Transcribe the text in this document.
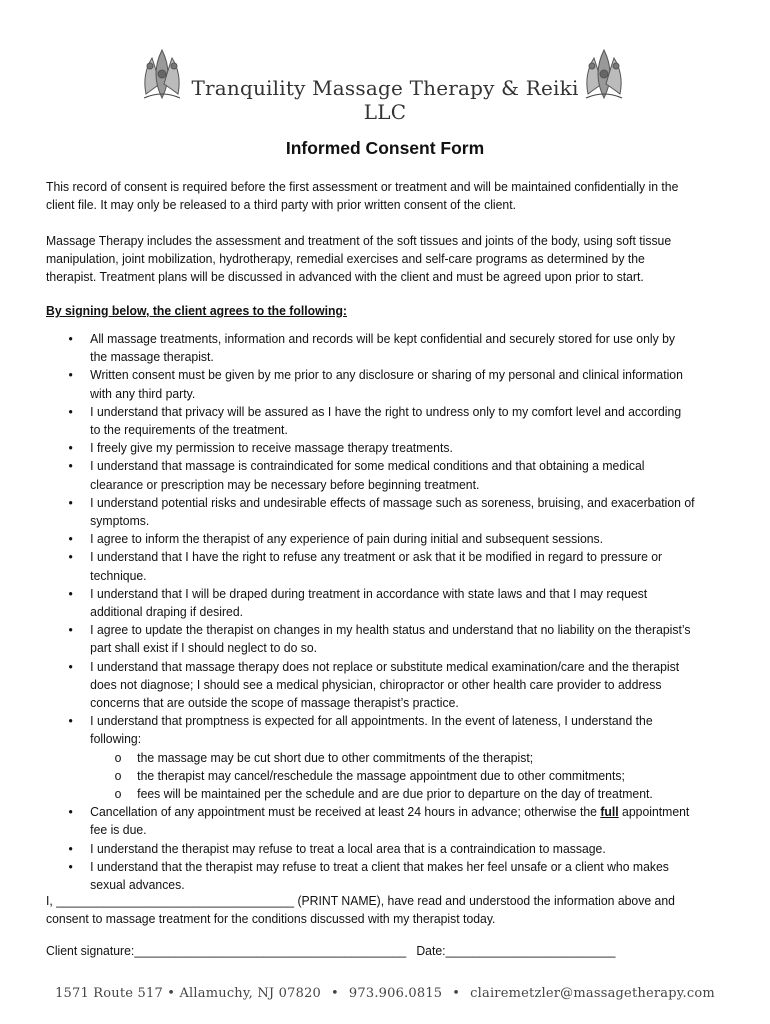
Tranquility Massage Therapy & Reiki LLC
Informed Consent Form
This record of consent is required before the first assessment or treatment and will be maintained confidentially in the client file. It may only be released to a third party with prior written consent of the client.
Massage Therapy includes the assessment and treatment of the soft tissues and joints of the body, using soft tissue manipulation, joint mobilization, hydrotherapy, remedial exercises and self-care programs as determined by the therapist. Treatment plans will be discussed in advanced with the client and must be agreed upon prior to start.
By signing below, the client agrees to the following:
• All massage treatments, information and records will be kept confidential and securely stored for use only by the massage therapist.
• Written consent must be given by me prior to any disclosure or sharing of my personal and clinical information with any third party.
• I understand that privacy will be assured as I have the right to undress only to my comfort level and according to the requirements of the treatment.
• I freely give my permission to receive massage therapy treatments.
• I understand that massage is contraindicated for some medical conditions and that obtaining a medical clearance or prescription may be necessary before beginning treatment.
• I understand potential risks and undesirable effects of massage such as soreness, bruising, and exacerbation of symptoms.
• I agree to inform the therapist of any experience of pain during initial and subsequent sessions.
• I understand that I have the right to refuse any treatment or ask that it be modified in regard to pressure or technique.
• I understand that I will be draped during treatment in accordance with state laws and that I may request additional draping if desired.
• I agree to update the therapist on changes in my health status and understand that no liability on the therapist’s part shall exist if I should neglect to do so.
• I understand that massage therapy does not replace or substitute medical examination/care and the therapist does not diagnose; I should see a medical physician, chiropractor or other health care provider to address concerns that are outside the scope of massage therapist’s practice.
• I understand that promptness is expected for all appointments. In the event of lateness, I understand the following:
o the massage may be cut short due to other commitments of the therapist;
o the therapist may cancel/reschedule the massage appointment due to other commitments;
o fees will be maintained per the schedule and are due prior to departure on the day of treatment.
• Cancellation of any appointment must be received at least 24 hours in advance; otherwise the full appointment fee is due.
• I understand the therapist may refuse to treat a local area that is a contraindication to massage.
• I understand that the therapist may refuse to treat a client that makes her feel unsafe or a client who makes sexual advances.
I, ___________________________________ (PRINT NAME), have read and understood the information above and consent to massage treatment for the conditions discussed with my therapist today.
Client signature:________________________________________ Date:_________________________
1571 Route 517 • Allamuchy, NJ 07820 • 973.906.0815 • clairemetzler@massagetherapy.com
